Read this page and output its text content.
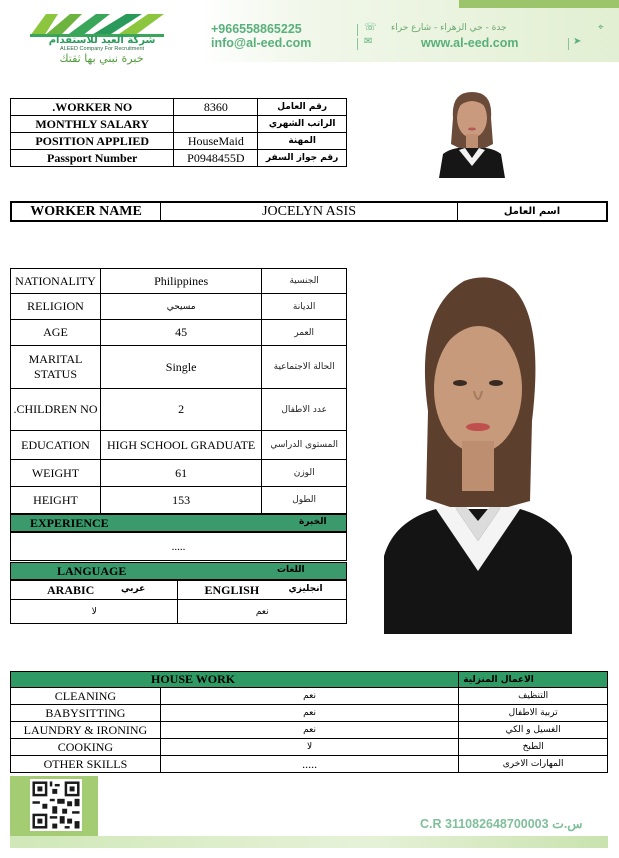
شركة العيد للاستقدام
ALEED Company For Recruitment
خبرة نبني بها ثقتك
+966558865225	☏ جدة - حي الزهراء - شارع حراء	⌖
info@al-eed.com	✉	www.al-eed.com	➤
.WORKER NO	8360	رقم العامل
MONTHLY SALARY		الراتب الشهري
POSITION APPLIED	HouseMaid	المهنة
Passport Number	P0948455D	رقم جواز السفر
WORKER NAME	JOCELYN ASIS	اسم العامل
NATIONALITY	Philippines	الجنسية
RELIGION	مسيحي	الديانة
AGE	45	العمر
MARITAL STATUS	Single	الحالة الاجتماعية
.CHILDREN NO	2	عدد الاطفال
EDUCATION	HIGH SCHOOL GRADUATE	المستوى الدراسي
WEIGHT	61	الوزن
HEIGHT	153	الطول
EXPERIENCE	الخبرة
.....
LANGUAGE	اللغات
ARABIC عربي	ENGLISH انجليزي

لا	نعم
HOUSE WORK		الاعمال المنزلية
CLEANING	نعم	التنظيف
BABYSITTING	نعم	تربية الاطفال
LAUNDRY & IRONING	نعم	الغسيل و الكي
COOKING	لا	الطبخ
OTHER SKILLS	.....	المهارات الاخرى
C.R 311082648700003 س.ت
